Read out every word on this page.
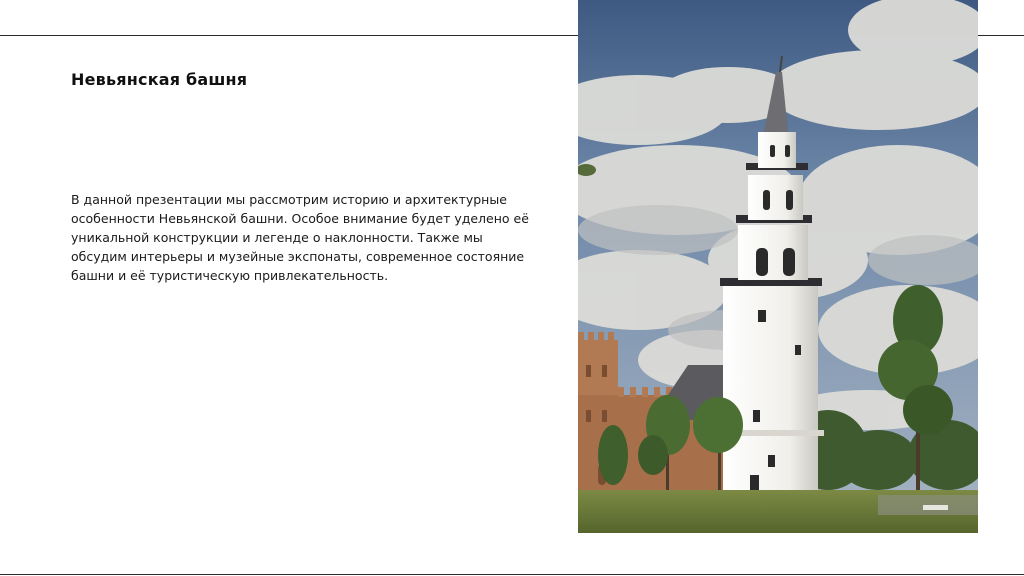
Невьянская башня

В данной презентации мы рассмотрим историю и архитектурные особенности Невьянской башни. Особое внимание будет уделено её уникальной конструкции и легенде о наклонности. Также мы обсудим интерьеры и музейные экспонаты, современное состояние башни и её туристическую привлекательность.
